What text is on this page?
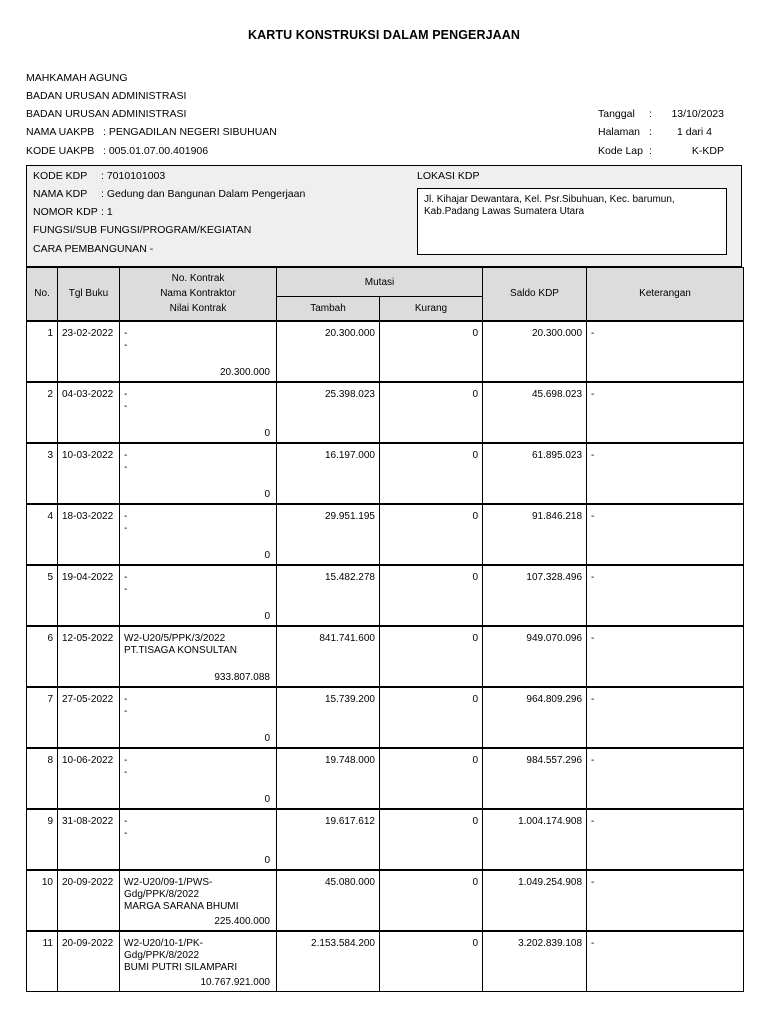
KARTU KONSTRUKSI DALAM PENGERJAAN
MAHKAMAH AGUNG
BADAN URUSAN ADMINISTRASI
BADAN URUSAN ADMINISTRASI
NAMA UAKPB : PENGADILAN NEGERI SIBUHUAN
KODE UAKPB : 005.01.07.00.401906
Tanggal : 13/10/2023
Halaman : 1 dari 4
Kode Lap :	K-KDP
KODE KDP : 7010101003
NAMA KDP : Gedung dan Bangunan Dalam Pengerjaan
NOMOR KDP : 1
FUNGSI/SUB FUNGSI/PROGRAM/KEGIATAN
CARA PEMBANGUNAN -
LOKASI KDP
Jl. Kihajar Dewantara, Kel. Psr.Sibuhuan, Kec. barumun, Kab.Padang Lawas Sumatera Utara
No.	Tgl Buku	No. Kontrak
Nama Kontraktor
Nilai Kontrak	Mutasi		Saldo KDP	Keterangan
			Tambah	Kurang		
1	23-02-2022	-
-
20.300.000	20.300.000	0	20.300.000	-
2	04-03-2022	-
-
0	25.398.023	0	45.698.023	-
3	10-03-2022	-
-
0	16.197.000	0	61.895.023	-
4	18-03-2022	-
-
0	29.951.195	0	91.846.218	-
5	19-04-2022	-
-
0	15.482.278	0	107.328.496	-
6	12-05-2022	W2-U20/5/PPK/3/2022
PT.TISAGA KONSULTAN
933.807.088	841.741.600	0	949.070.096	-
7	27-05-2022	-
-
0	15.739.200	0	964.809.296	-
8	10-06-2022	-
-
0	19.748.000	0	984.557.296	-
9	31-08-2022	-
-
0	19.617.612	0	1.004.174.908	-
10	20-09-2022	W2-U20/09-1/PWS-Gdg/PPK/8/2022
MARGA SARANA BHUMI
225.400.000	45.080.000	0	1.049.254.908	-
11	20-09-2022	W2-U20/10-1/PK-Gdg/PPK/8/2022
BUMI PUTRI SILAMPARI
10.767.921.000	2.153.584.200	0	3.202.839.108	-
